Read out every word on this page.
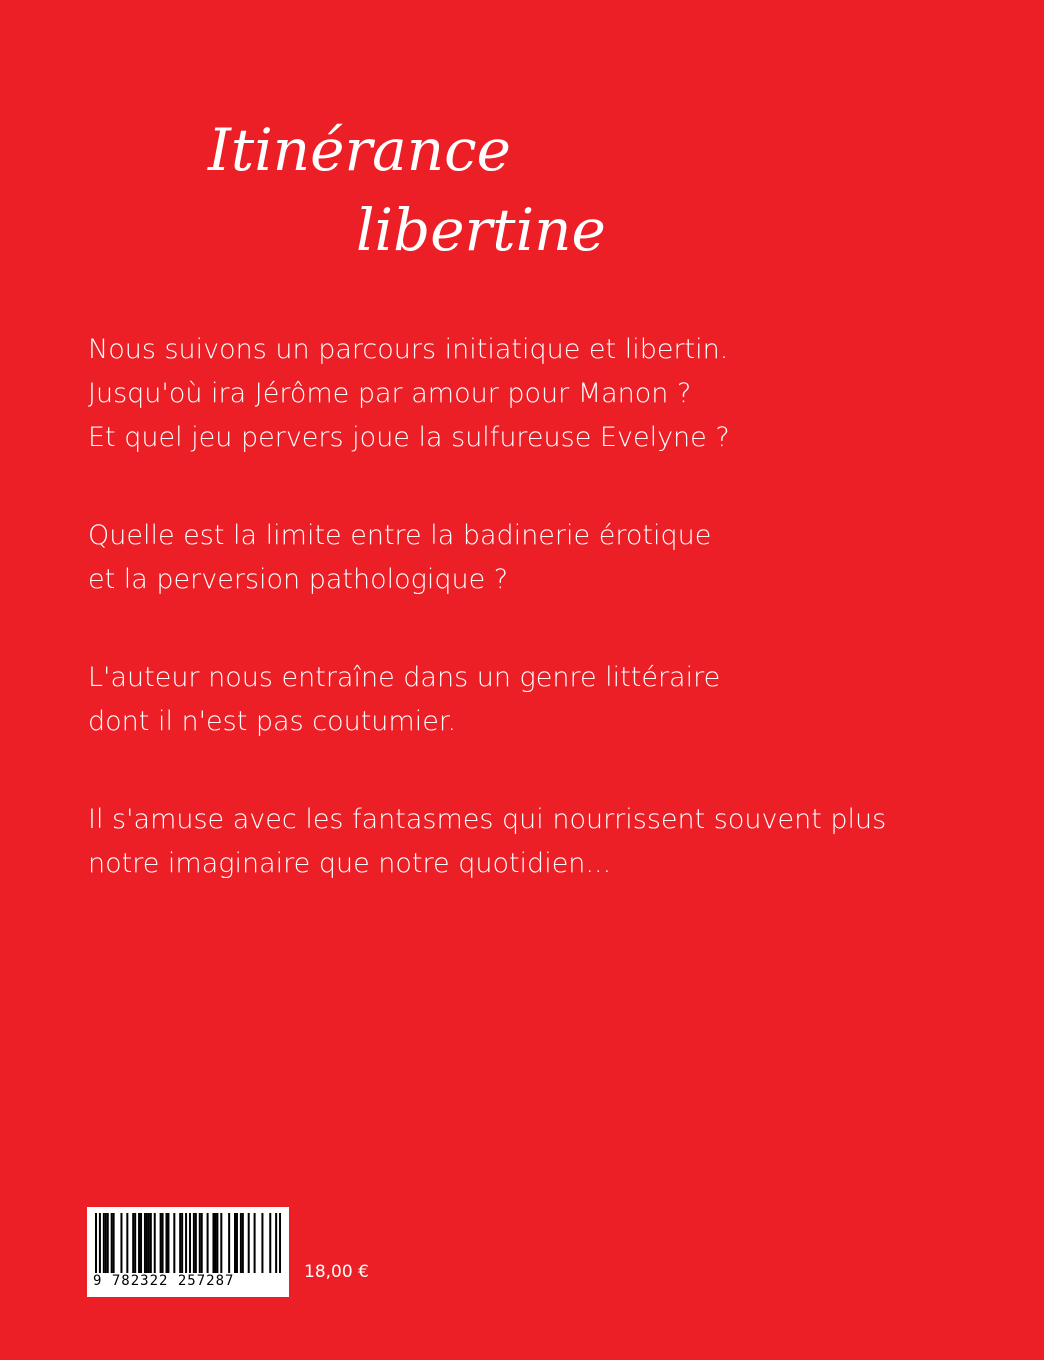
Itinérance
libertine

Nous suivons un parcours initiatique et libertin.
Jusqu'où ira Jérôme par amour pour Manon ?
Et quel jeu pervers joue la sulfureuse Evelyne ?

Quelle est la limite entre la badinerie érotique
et la perversion pathologique ?

L'auteur nous entraîne dans un genre littéraire
dont il n'est pas coutumier.

Il s'amuse avec les fantasmes qui nourrissent souvent plus
notre imaginaire que notre quotidien...

9 782322 257287	18,00 €
